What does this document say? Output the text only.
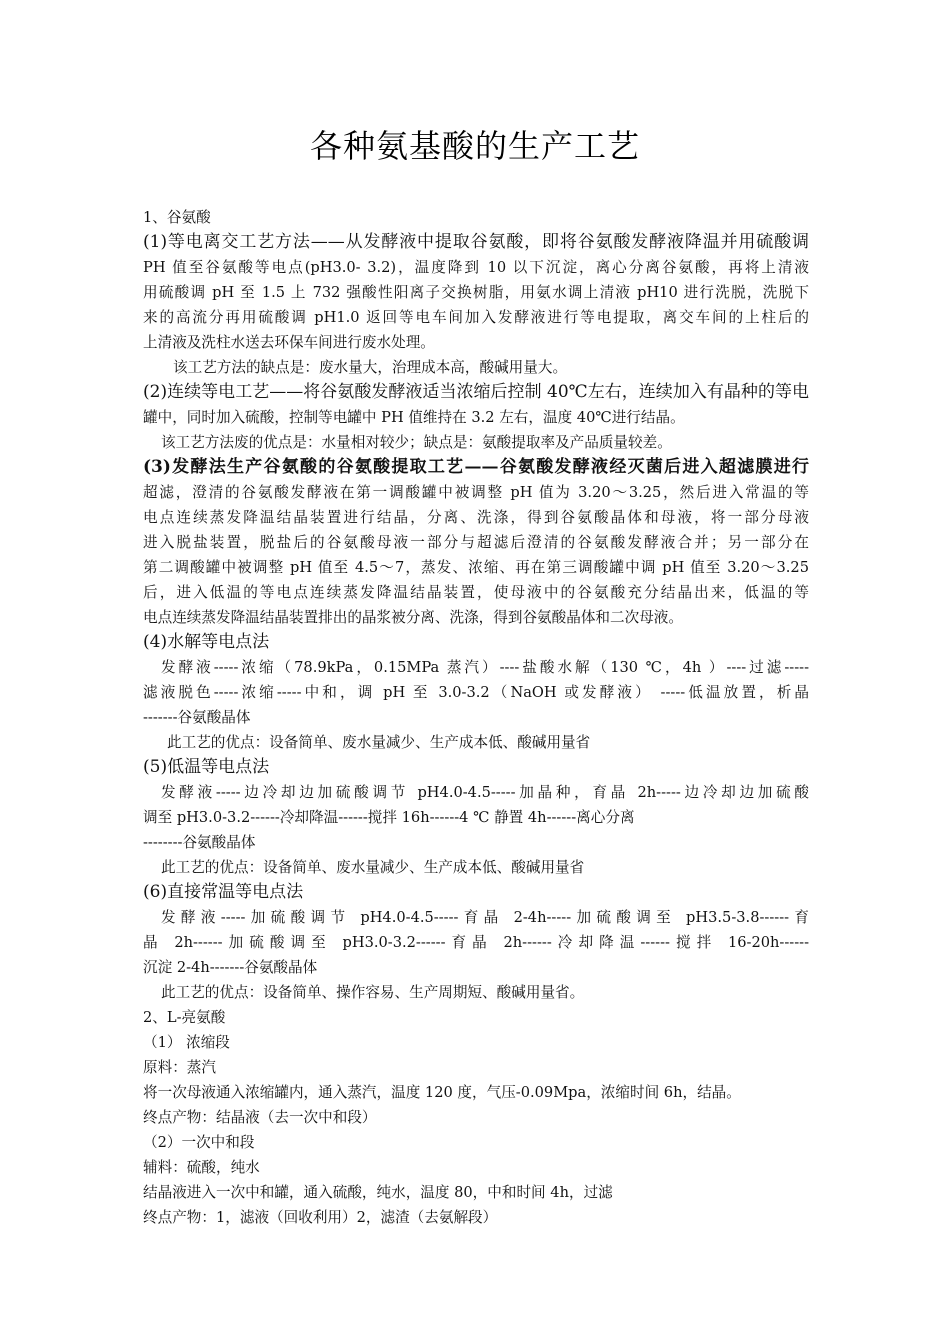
各种氨基酸的生产工艺
1、谷氨酸
(1)等电离交工艺方法——从发酵液中提取谷氨酸，即将谷氨酸发酵液降温并用硫酸调
PH 值至谷氨酸等电点(pH3.0- 3.2)，温度降到 10 以下沉淀，离心分离谷氨酸，再将上清液
用硫酸调 pH 至 1.5 上 732 强酸性阳离子交换树脂，用氨水调上清液 pH10 进行洗脱，洗脱下
来的高流分再用硫酸调 pH1.0 返回等电车间加入发酵液进行等电提取，离交车间的上柱后的
上清液及洗柱水送去环保车间进行废水处理。
该工艺方法的缺点是：废水量大，治理成本高，酸碱用量大。
(2)连续等电工艺——将谷氨酸发酵液适当浓缩后控制 40℃左右，连续加入有晶种的等电
罐中，同时加入硫酸，控制等电罐中 PH 值维持在 3.2 左右，温度 40℃进行结晶。
该工艺方法废的优点是：水量相对较少；缺点是：氨酸提取率及产品质量较差。
(3)发酵法生产谷氨酸的谷氨酸提取工艺——谷氨酸发酵液经灭菌后进入超滤膜进行
超滤，澄清的谷氨酸发酵液在第一调酸罐中被调整 pH 值为 3.20～3.25，然后进入常温的等
电点连续蒸发降温结晶装置进行结晶，分离、洗涤，得到谷氨酸晶体和母液，将一部分母液
进入脱盐装置，脱盐后的谷氨酸母液一部分与超滤后澄清的谷氨酸发酵液合并；另一部分在
第二调酸罐中被调整 pH 值至 4.5～7，蒸发、浓缩、再在第三调酸罐中调 pH 值至 3.20～3.25
后，进入低温的等电点连续蒸发降温结晶装置，使母液中的谷氨酸充分结晶出来，低温的等
电点连续蒸发降温结晶装置排出的晶浆被分离、洗涤，得到谷氨酸晶体和二次母液。
(4)水解等电点法
发酵液-----浓缩（78.9kPa，0.15MPa 蒸汽）----盐酸水解（130 ℃，4h ）----过滤-----
滤液脱色-----浓缩-----中和，调 pH 至 3.0-3.2（NaOH 或发酵液） -----低温放置，析晶
-------谷氨酸晶体
此工艺的优点：设备简单、废水量减少、生产成本低、酸碱用量省
(5)低温等电点法
发酵液-----边冷却边加硫酸调节 pH4.0-4.5-----加晶种，育晶 2h-----边冷却边加硫酸
调至 pH3.0-3.2------冷却降温------搅拌 16h------4 ℃ 静置 4h------离心分离
--------谷氨酸晶体
此工艺的优点：设备简单、废水量减少、生产成本低、酸碱用量省
(6)直接常温等电点法
发酵液-----加硫酸调节 pH4.0-4.5-----育晶 2-4h-----加硫酸调至 pH3.5-3.8------育
晶 2h------加硫酸调至 pH3.0-3.2------育晶 2h------冷却降温------搅拌 16-20h------
沉淀 2-4h-------谷氨酸晶体
此工艺的优点：设备简单、操作容易、生产周期短、酸碱用量省。
2、L-亮氨酸
（1） 浓缩段
原料：蒸汽
将一次母液通入浓缩罐内，通入蒸汽，温度 120 度，气压-0.09Mpa，浓缩时间 6h，结晶。
终点产物：结晶液（去一次中和段）
（2）一次中和段
辅料：硫酸，纯水
结晶液进入一次中和罐，通入硫酸，纯水，温度 80，中和时间 4h，过滤
终点产物：1，滤液（回收利用）2，滤渣（去氨解段）
